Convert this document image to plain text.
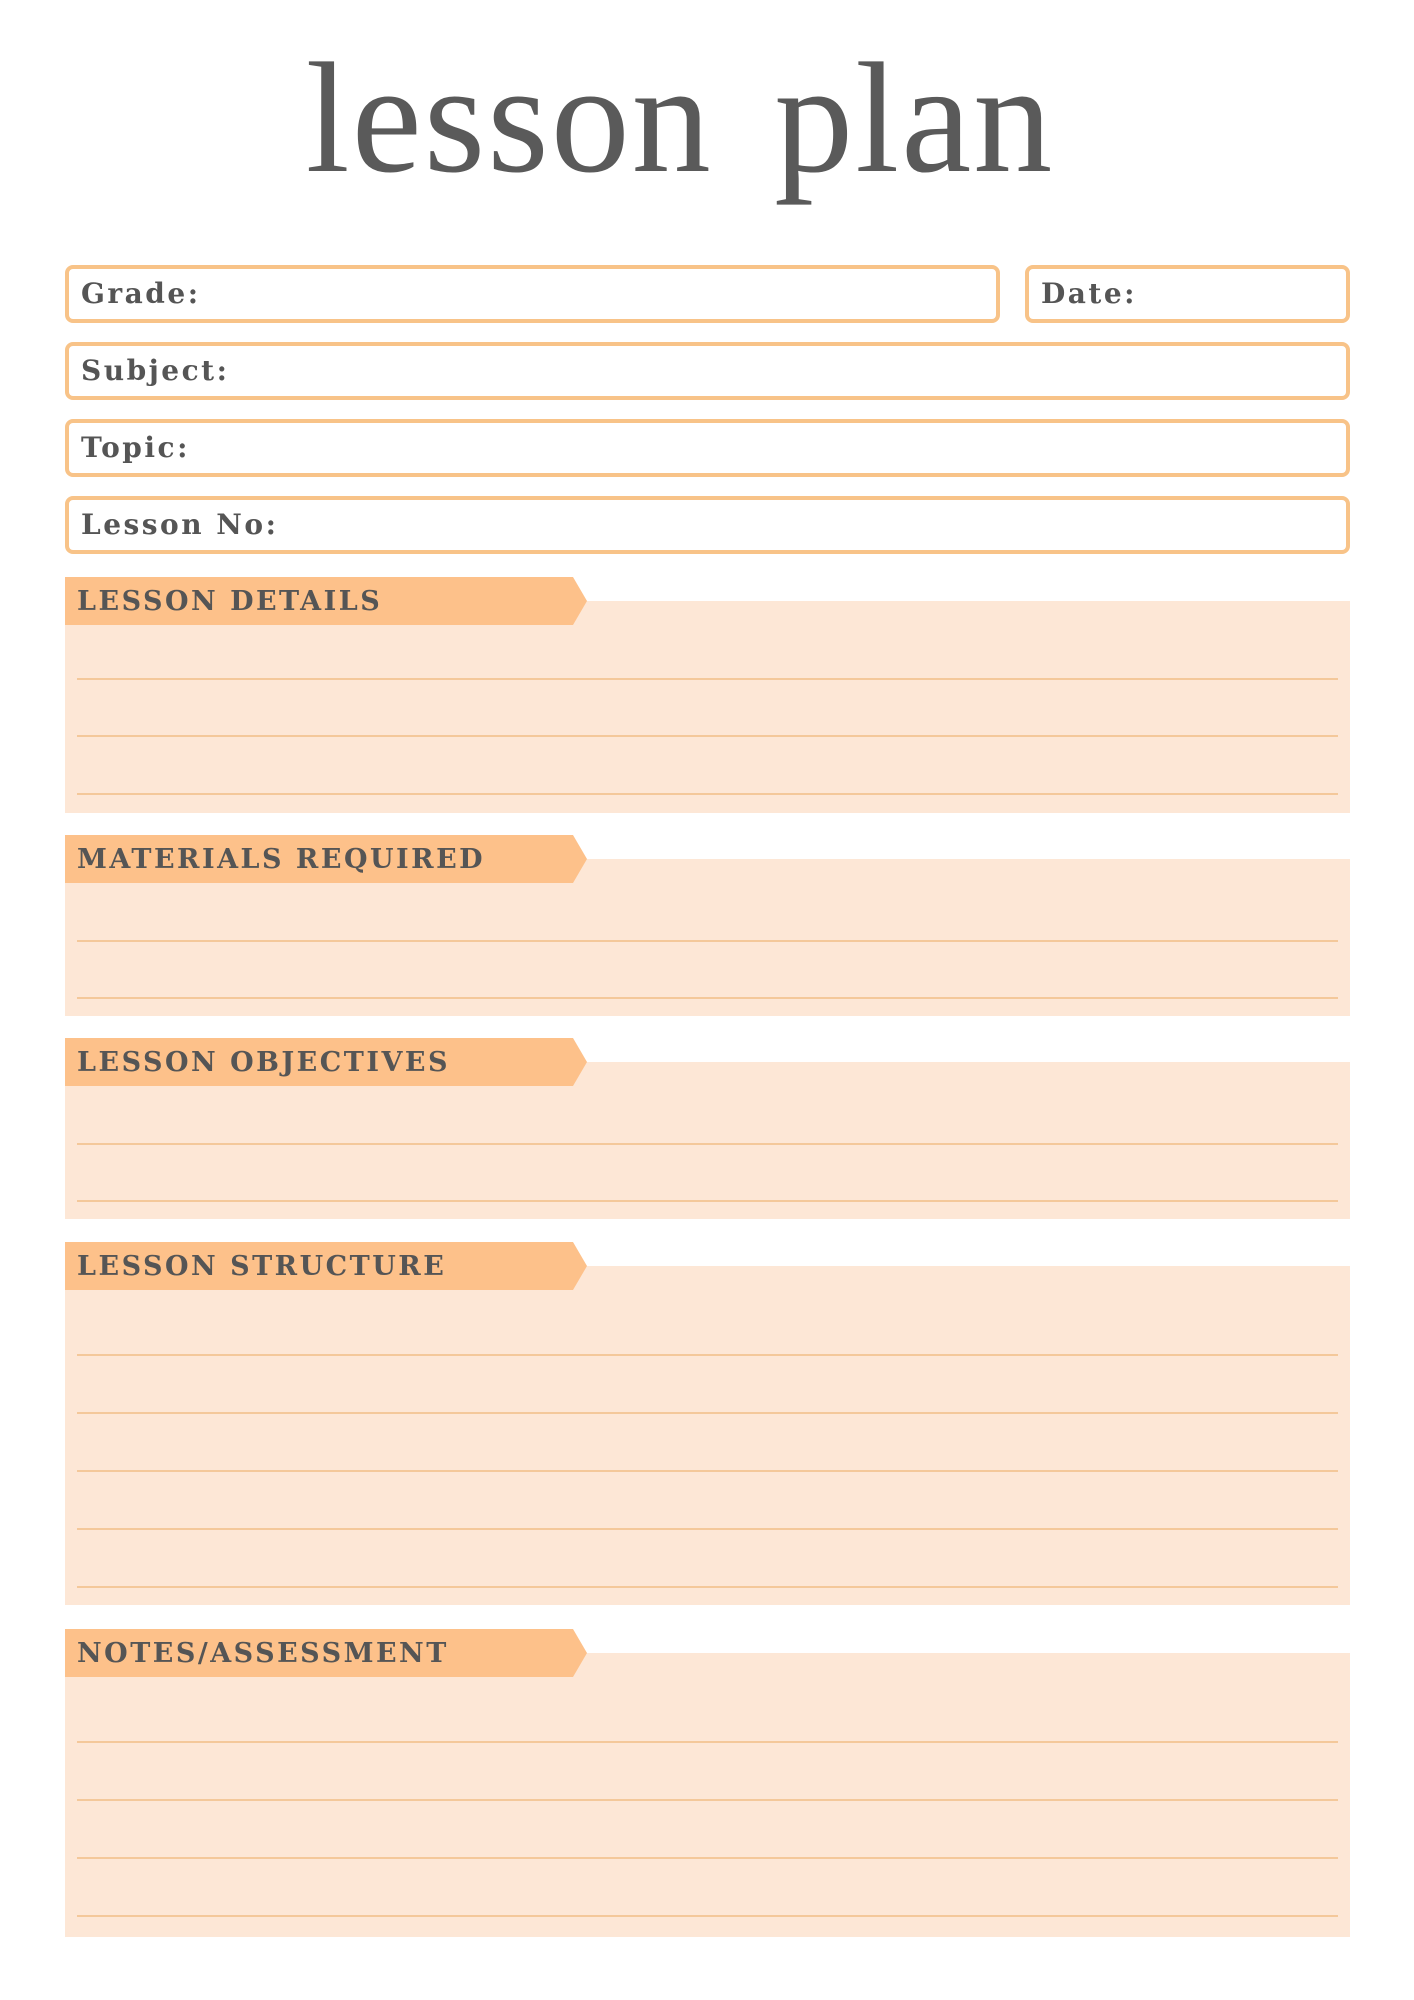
lesson plan
Grade:	Date:
Subject:
Topic:
Lesson No:
LESSON DETAILS
MATERIALS REQUIRED
LESSON OBJECTIVES
LESSON STRUCTURE
NOTES/ASSESSMENT
